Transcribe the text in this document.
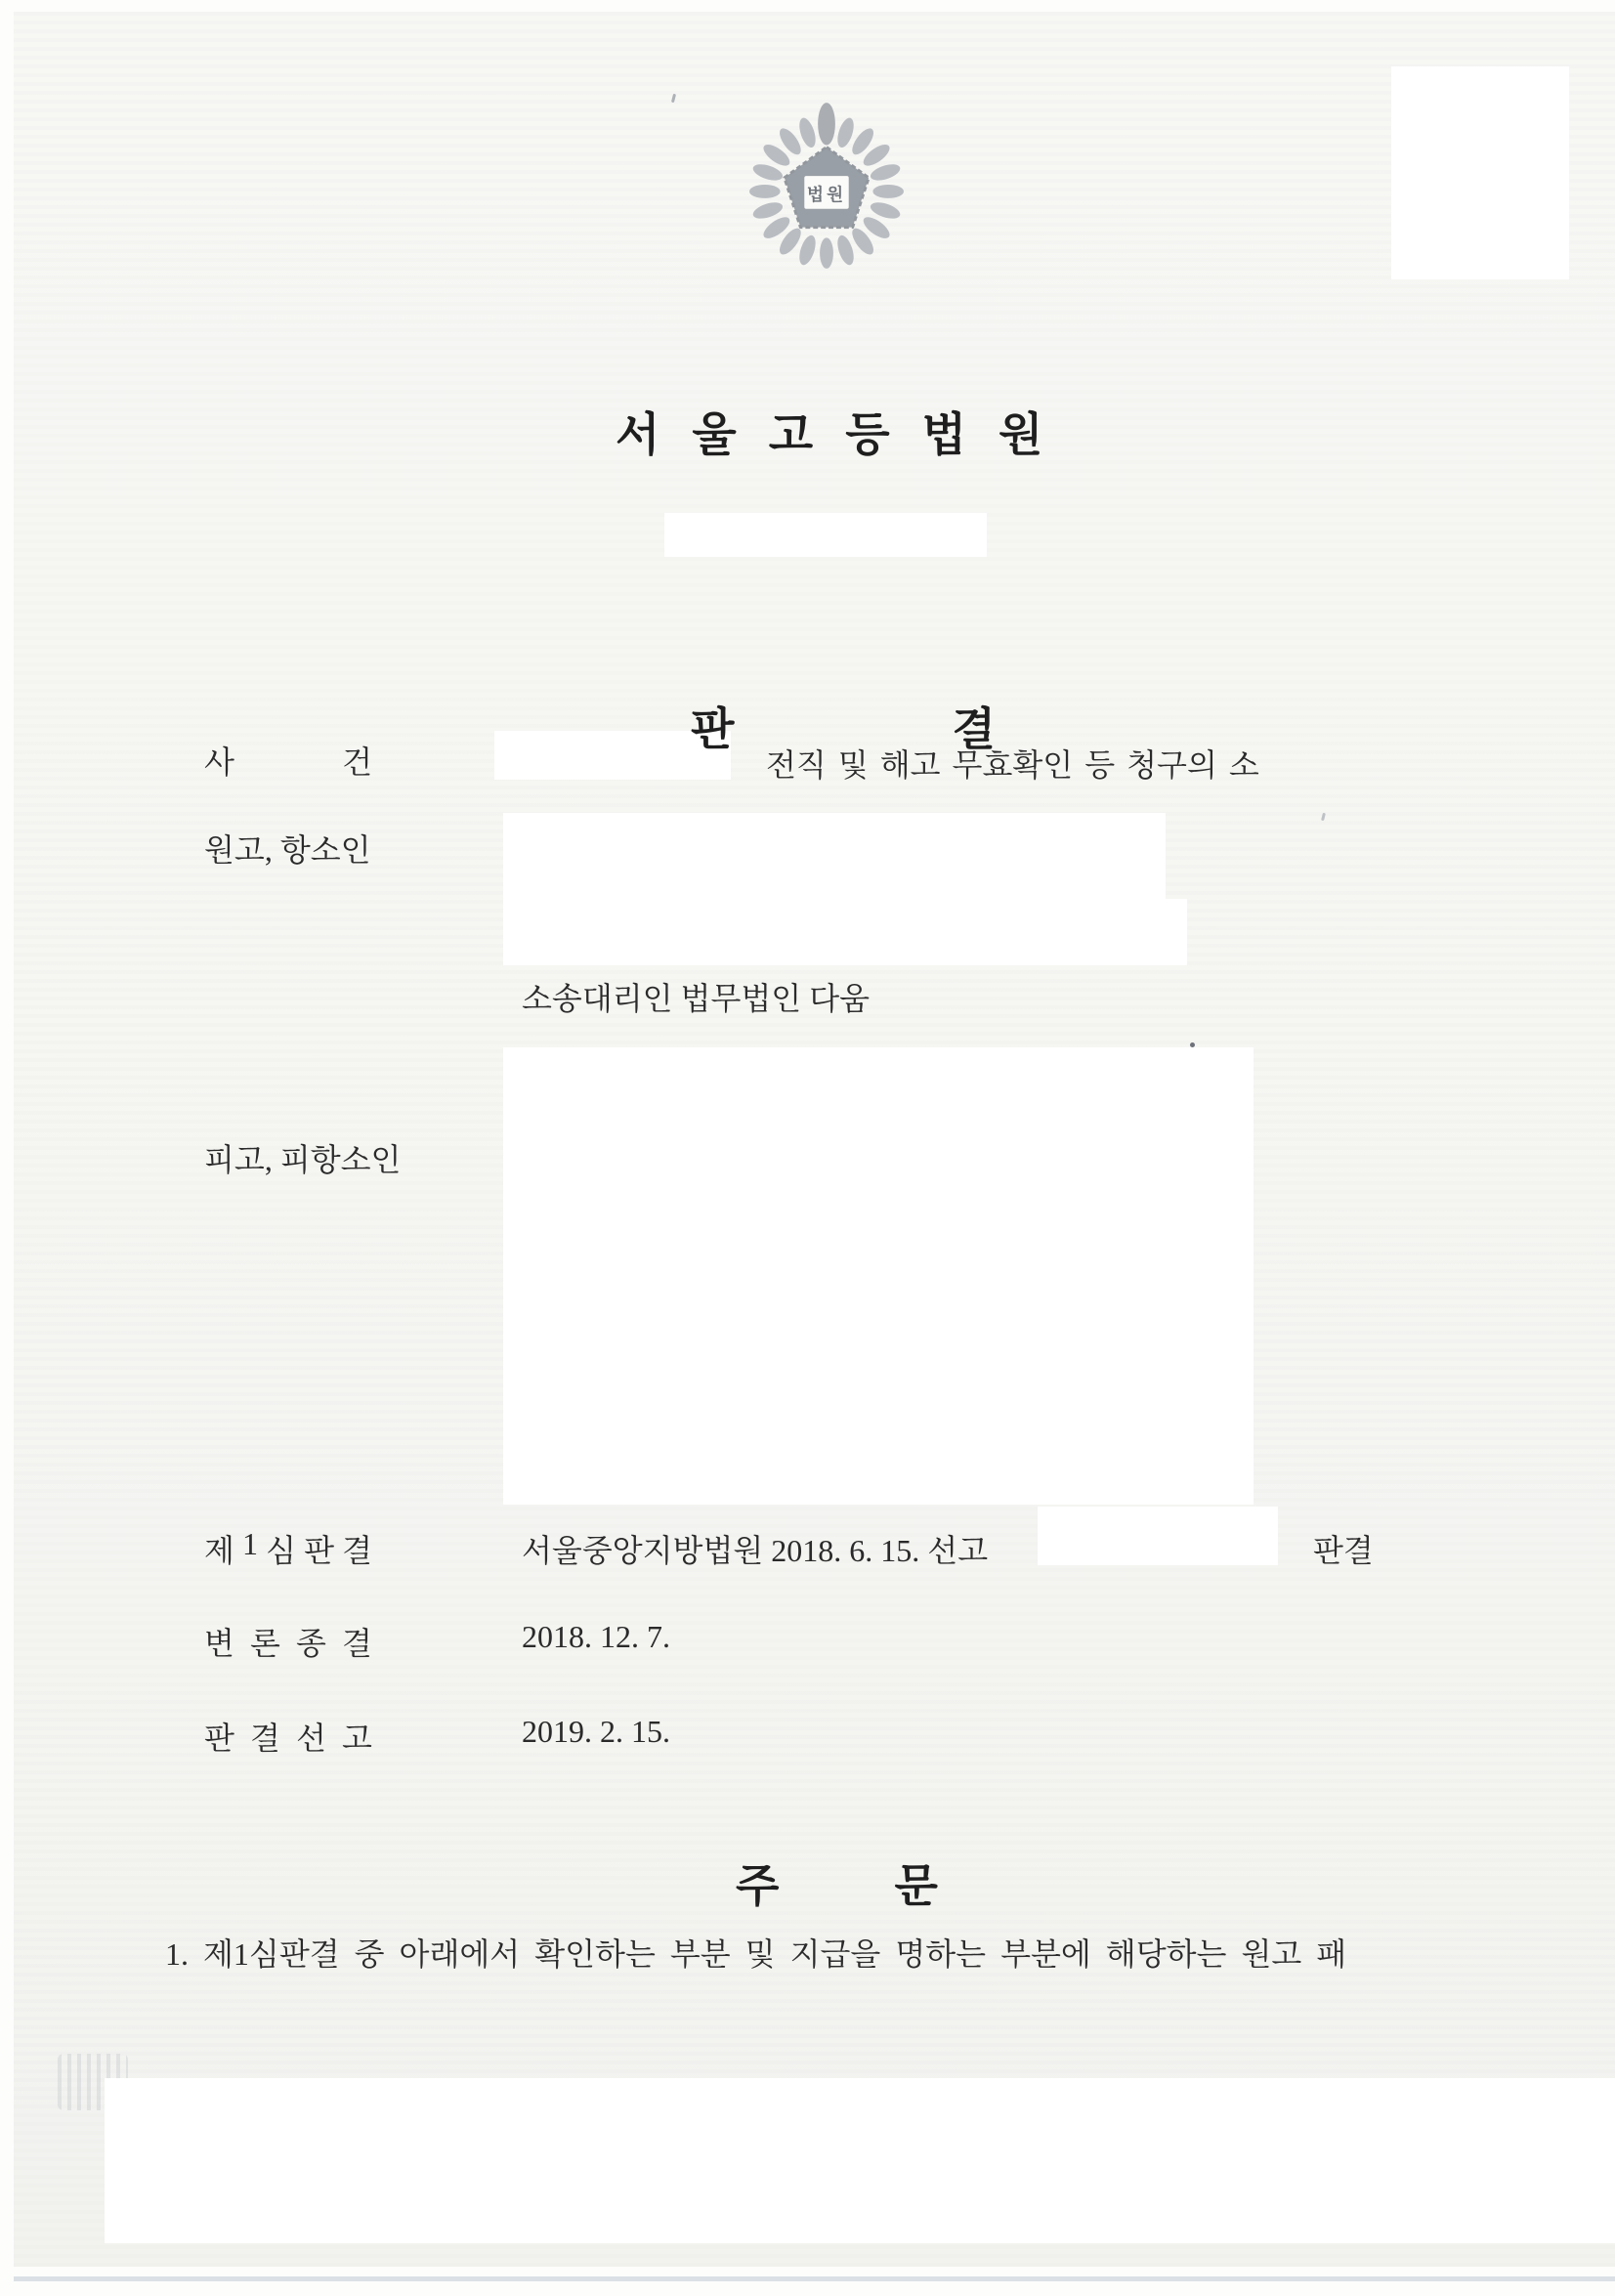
법원
서울고등법원
판	결
사	건	전직 및 해고 무효확인 등 청구의 소
원고, 항소인
소송대리인 법무법인 다움
피고, 피항소인
제 1 심 판 결	서울중앙지방법원 2018. 6. 15. 선고	판결
변 론 종 결	2018. 12. 7.
판 결 선 고	2019. 2. 15.
주	문
1. 제1심판결 중 아래에서 확인하는 부분 및 지급을 명하는 부분에 해당하는 원고 패
